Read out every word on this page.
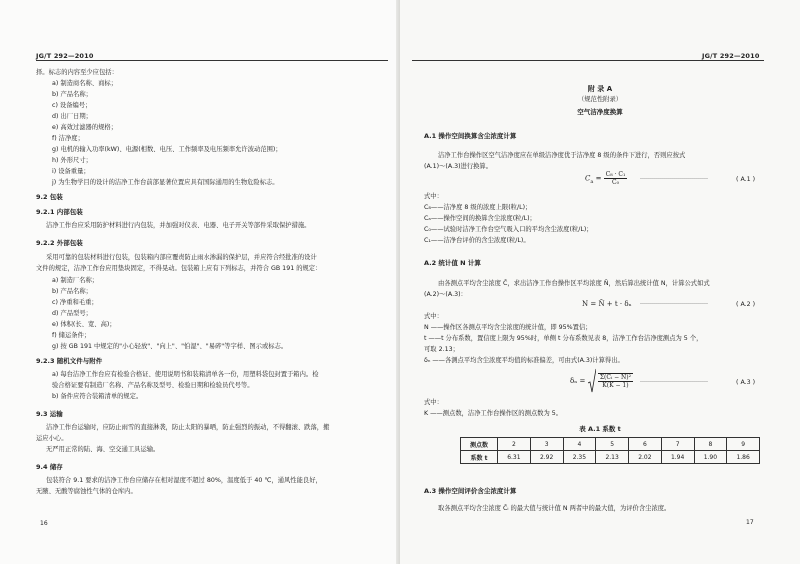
JG/T 292—2010
择。标志的内容至少应包括：
a) 制造商名称、商标；
b) 产品名称；
c) 设备编号；
d) 出厂日期；
e) 高效过滤器的规格；
f) 洁净度；
g) 电机的输入功率(kW)、电源(相数、电压、工作频率及电压频率允许波动范围)；
h) 外形尺寸；
i) 设备重量；
j) 为生物学目的设计的洁净工作台前部显著位置应具有国际通用的生物危险标志。
9.2 包装
9.2.1 内部包装
洁净工作台应采用防护材料进行内包装，并加强对仪表、电器、电子开关等部件采取保护措施。
9.2.2 外部包装
采用可靠的包装材料进行包装，包装箱内部应覆责防止雨水渗漏的保护层，并应符合经批准的设计
文件的规定，洁净工作台应用垫块固定，不得晃动。包装箱上应有下列标志，并符合 GB 191 的规定：
a) 制造厂名称；
b) 产品名称；
c) 净重和毛重；
d) 产品型号；
e) 体积(长、宽、高)；
f) 储运条件；
g) 按 GB 191 中规定的"小心轻放"、"向上"、"怕湿"、"易碎"等字样、图示或标志。
9.2.3 随机文件与附件
a) 每台洁净工作台应有检验合格证、使用说明书和装箱清单各一份，用塑料袋包封置于箱内。检
验合格证要有制造厂名称、产品名称及型号、检验日期和检验员代号等。
b) 备件应符合装箱清单的规定。
9.3 运输
洁净工作台运输时，应防止雨雪的直接淋袭，防止太阳的暴晒，防止强烈的振动，不得翻滚、跌落，搬
运应小心。
无严用正常的陆、海、空交通工具运输。
9.4 储存
包装符合 9.1 要求的洁净工作台应储存在相对湿度不超过 80%，温度低于 40 ℃，通风性能良好，
无腋、无酸等腐蚀性气体的仓库内。
16
JG/T 292—2010
附 录 A
（规范性附录）
空气洁净度换算
A.1 操作空间换算含尘浓度计算
洁净工作台操作区空气洁净度应在单级洁净度优于洁净度 8 级的条件下进行，否则应按式
(A.1)～(A.3)进行换算。
$C_a = \frac{\text{C₈ · C₁}}{\text{C₀}}$ ··································	( A.1 )
式中：
C₈——洁净度 8 级的浓度上限(粒/L)；
Cₐ——操作空间的换算含尘浓度(粒/L)；
C₀——试验时洁净工作台空气吸入口的平均含尘浓度(粒/L)；
C₁——洁净台评价的含尘浓度(粒/L)。
A.2 统计值 N 计算
由各测点平均含尘浓度 C̄，求出洁净工作台操作区平均浓度 N̄，然后算出统计值 N，计算公式如式
(A.2)～(A.3)：
N = N̄ + t · δₙ ··································	( A.2 )
式中：
N ——操作区各测点平均含尘浓度的统计值，即 95%置信；
t ——t 分布系数，置信度上限为 95%时，单侧 t 分布系数见表 8，洁净工作台洁净度测点为 5 个，
可取 2.13；
δₙ ——各测点平均含尘浓度平均值的标准偏差，可由式(A.3)计算得出。
$\delta_n = \frac{\text{Σ(C̄ᵢ − N̄)²}}{K(K - 1)}$ ··································	( A.3 )
式中：
K ——测点数，洁净工作台操作区的测点数为 5。
表 A.1 系数 t
测点数	2	3	4	5	6	7	8	9
系数 t	6.31	2.92	2.35	2.13	2.02	1.94	1.90	1.86
A.3 操作空间评价含尘浓度计算
取各测点平均含尘浓度 C̄ᵢ 的最大值与统计值 N 两者中的最大值，为评价含尘浓度。
17
